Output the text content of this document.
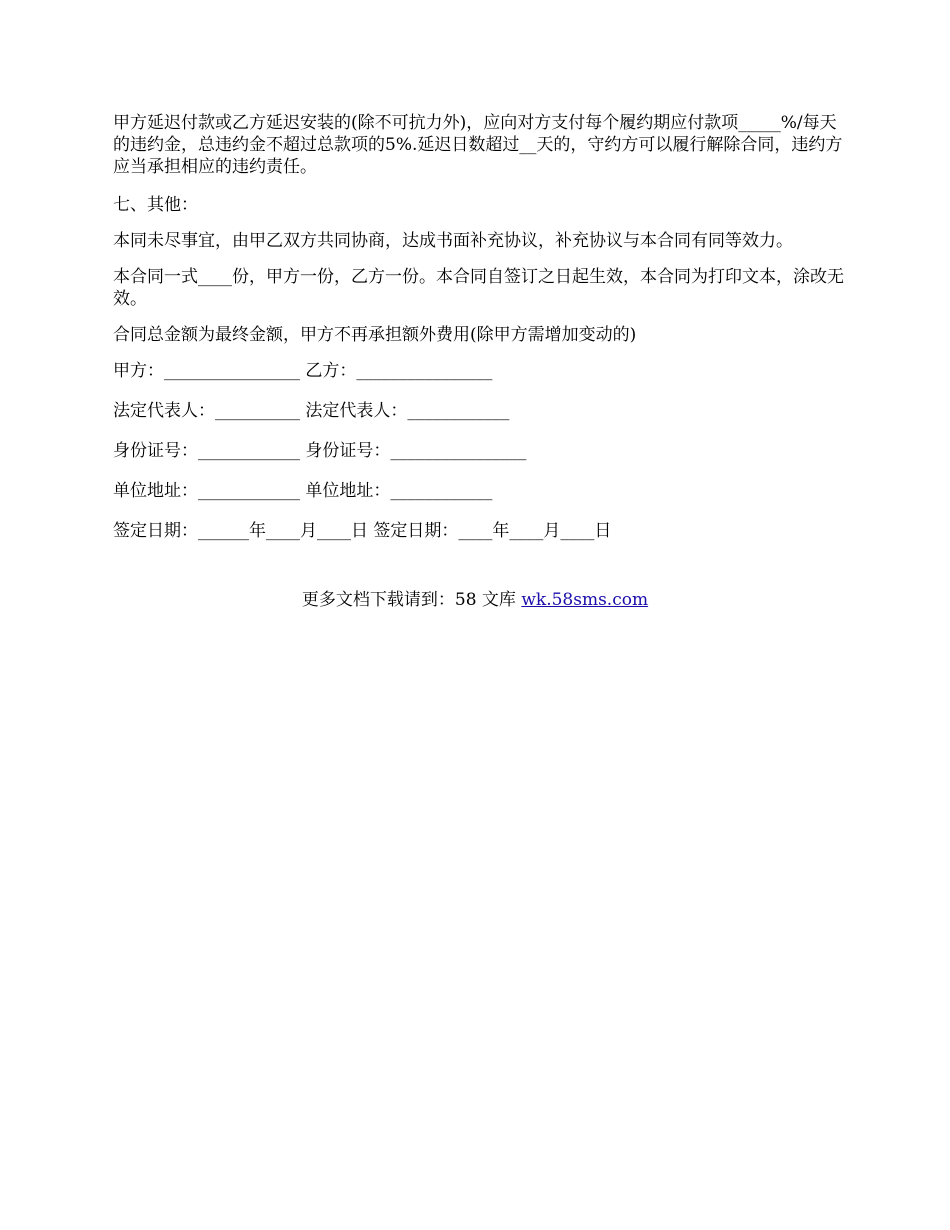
甲方延迟付款或乙方延迟安装的(除不可抗力外)，应向对方支付每个履约期应付款项_____%/每天的违约金，总违约金不超过总款项的5%.延迟日数超过__天的，守约方可以履行解除合同，违约方应当承担相应的违约责任。

七、其他：

本同未尽事宜，由甲乙双方共同协商，达成书面补充协议，补充协议与本合同有同等效力。

本合同一式____份，甲方一份，乙方一份。本合同自签订之日起生效，本合同为打印文本，涂改无效。

合同总金额为最终金额，甲方不再承担额外费用(除甲方需增加变动的)

甲方：________________ 乙方：________________
法定代表人：__________ 法定代表人：____________
身份证号：____________ 身份证号：________________
单位地址：____________ 单位地址：____________
签定日期：______年____月____日 签定日期：____年____月____日
更多文档下载请到：58 文库 wk.58sms.com
